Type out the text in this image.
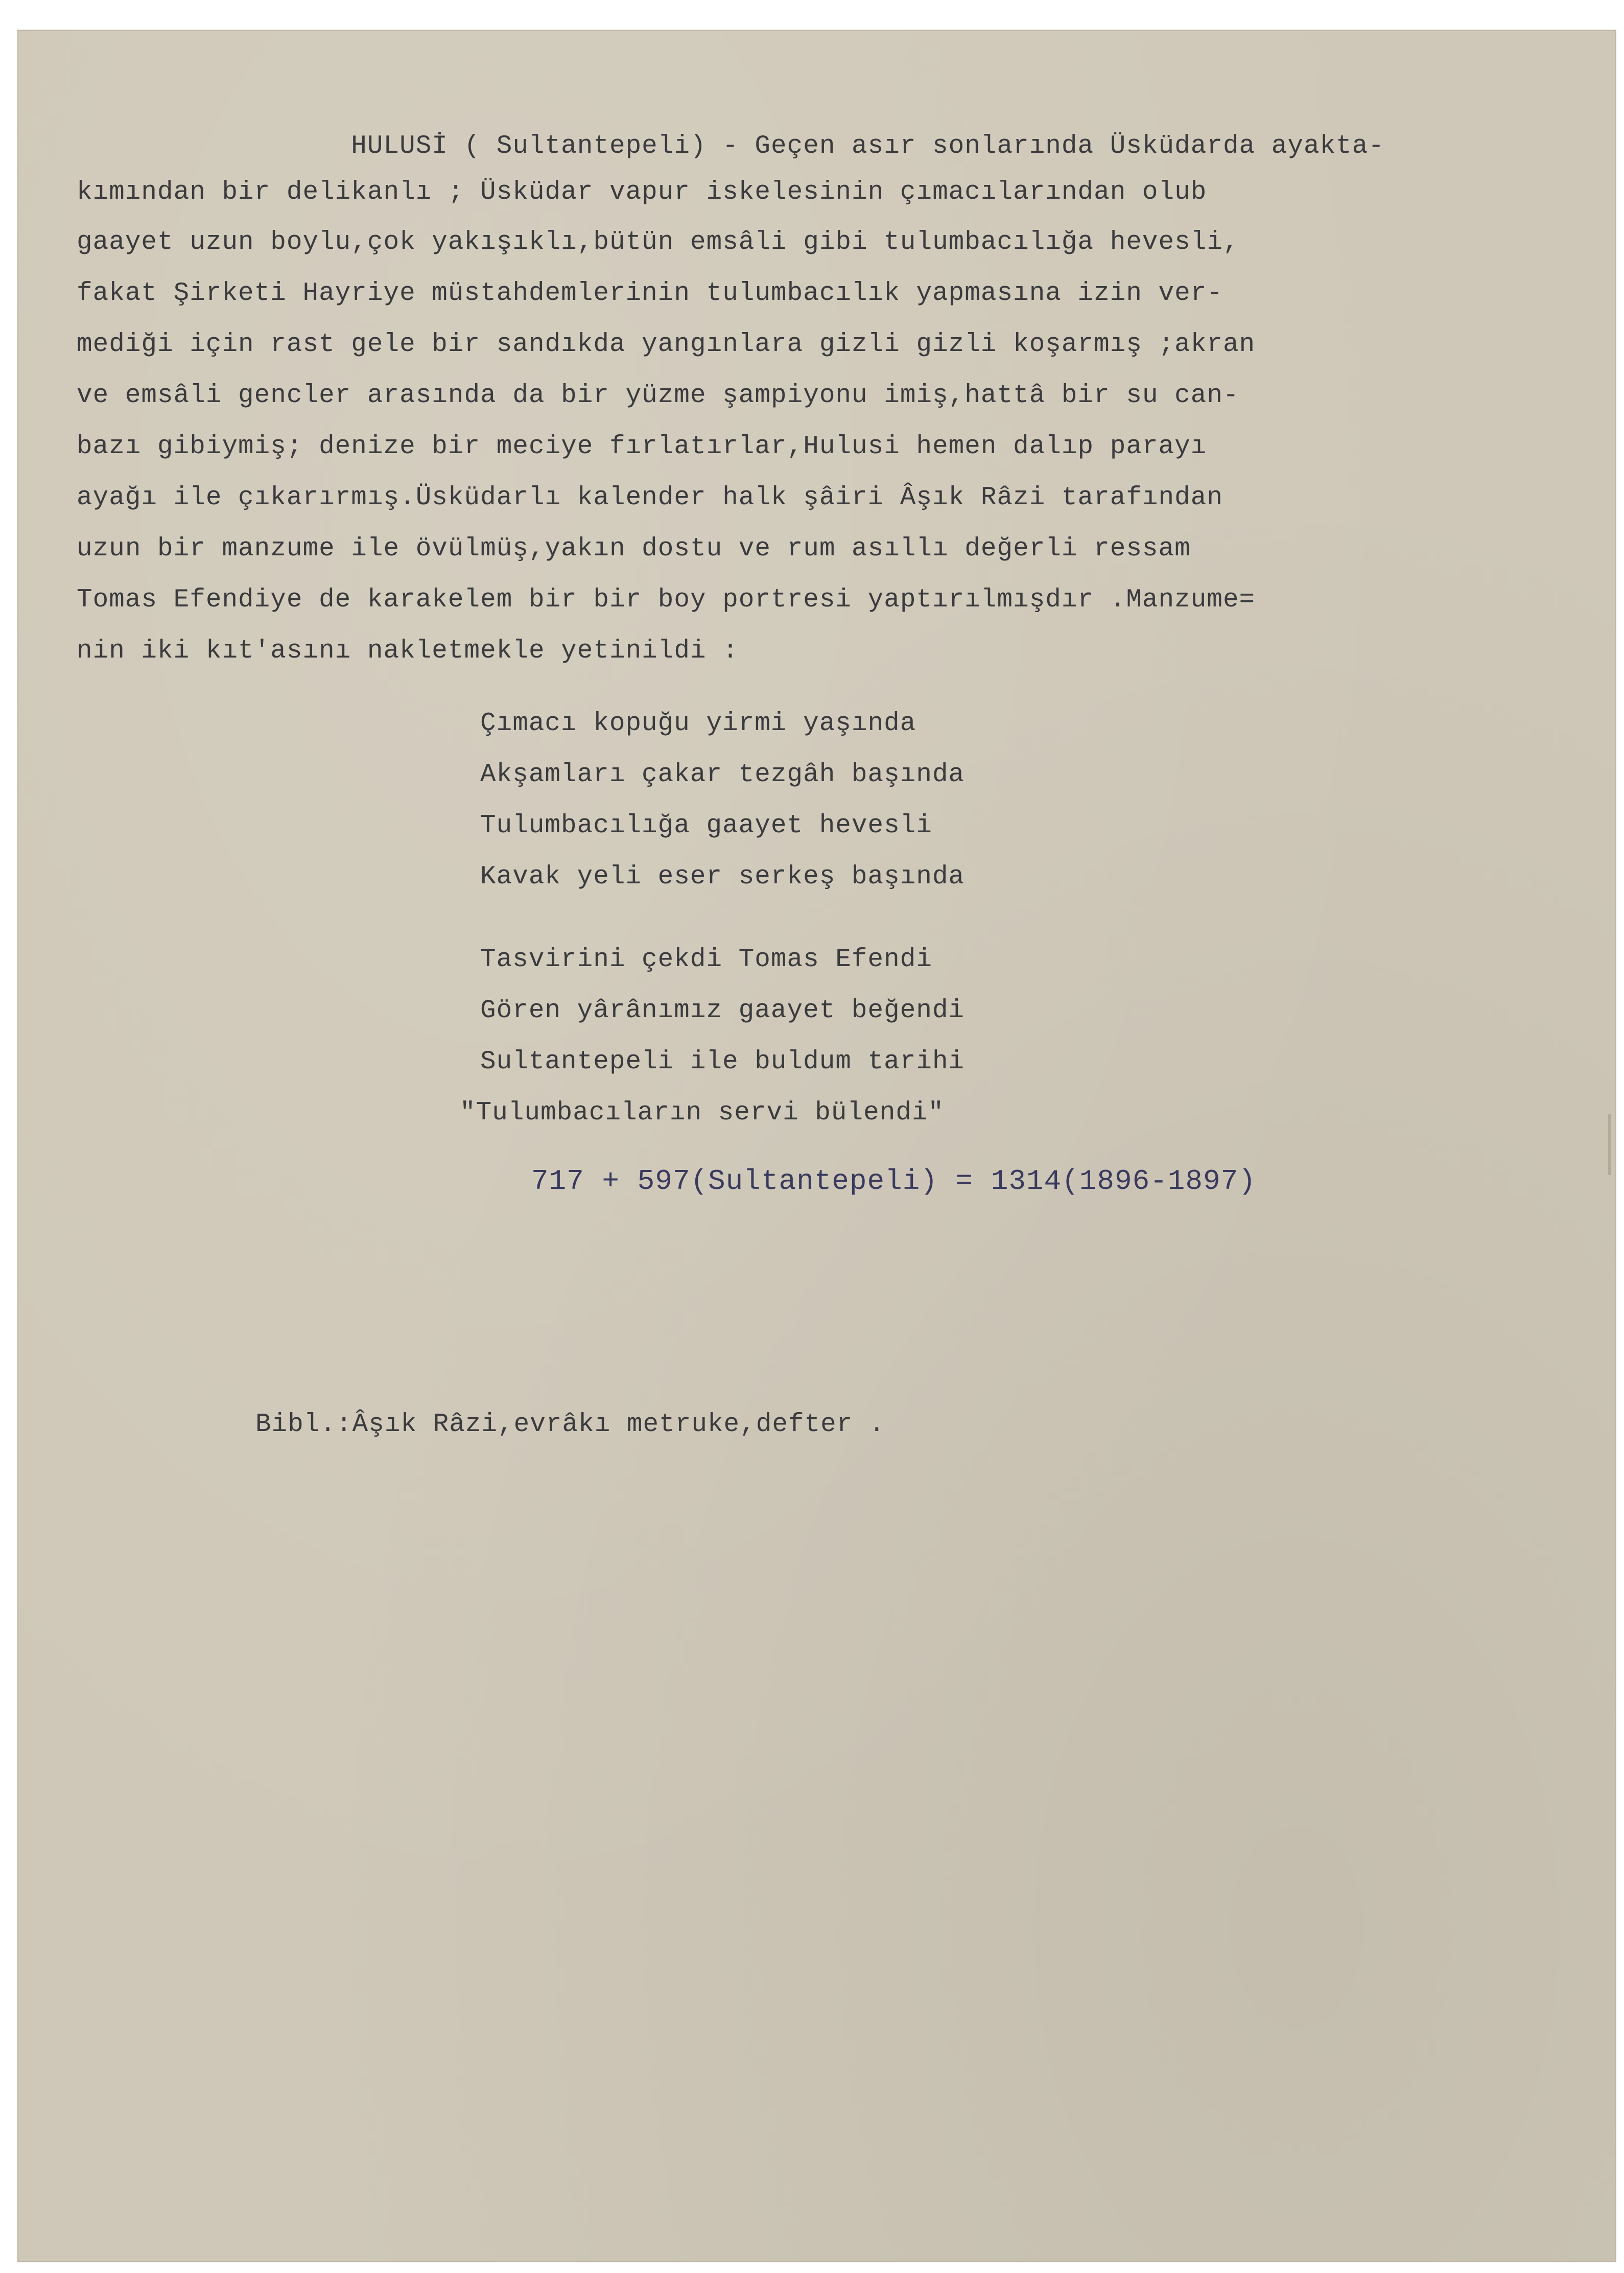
HULUSİ ( Sultantepeli) - Geçen asır sonlarında Üsküdarda ayakta-
kımından bir delikanlı ; Üsküdar vapur iskelesinin çımacılarından olub
gaayet uzun boylu,çok yakışıklı,bütün emsâli gibi tulumbacılığa hevesli,
fakat Şirketi Hayriye müstahdemlerinin tulumbacılık yapmasına izin ver-
mediği için rast gele bir sandıkda yangınlara gizli gizli koşarmış ;akran
ve emsâli gencler arasında da bir yüzme şampiyonu imiş,hattâ bir su can-
bazı gibiymiş; denize bir meciye fırlatırlar,Hulusi hemen dalıp parayı
ayağı ile çıkarırmış.Üsküdarlı kalender halk şâiri Âşık Râzi tarafından
uzun bir manzume ile övülmüş,yakın dostu ve rum asıllı değerli ressam
Tomas Efendiye de karakelem bir bir boy portresi yaptırılmışdır .Manzume=
nin iki kıt'asını nakletmekle yetinildi :
Çımacı kopuğu yirmi yaşında
Akşamları çakar tezgâh başında
Tulumbacılığa gaayet hevesli
Kavak yeli eser serkeş başında
Tasvirini çekdi Tomas Efendi
Gören yârânımız gaayet beğendi
Sultantepeli ile buldum tarihi
"Tulumbacıların servi bülendi"
717 + 597(Sultantepeli) = 1314(1896-1897)
Bibl.:Âşık Râzi,evrâkı metruke,defter .
